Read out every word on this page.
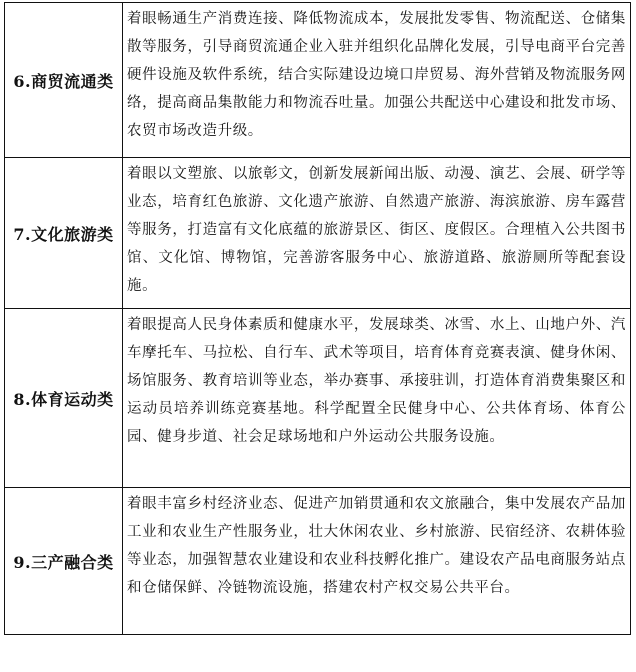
6.商贸流通类	着眼畅通生产消费连接、降低物流成本，发展批发零售、物流配送、仓储集散等服务，引导商贸流通企业入驻并组织化品牌化发展，引导电商平台完善硬件设施及软件系统，结合实际建设边境口岸贸易、海外营销及物流服务网络，提高商品集散能力和物流吞吐量。加强公共配送中心建设和批发市场、农贸市场改造升级。
7.文化旅游类	着眼以文塑旅、以旅彰文，创新发展新闻出版、动漫、演艺、会展、研学等业态，培育红色旅游、文化遗产旅游、自然遗产旅游、海滨旅游、房车露营等服务，打造富有文化底蕴的旅游景区、街区、度假区。合理植入公共图书馆、文化馆、博物馆，完善游客服务中心、旅游道路、旅游厕所等配套设施。
8.体育运动类	着眼提高人民身体素质和健康水平，发展球类、冰雪、水上、山地户外、汽车摩托车、马拉松、自行车、武术等项目，培育体育竞赛表演、健身休闲、场馆服务、教育培训等业态，举办赛事、承接驻训，打造体育消费集聚区和运动员培养训练竞赛基地。科学配置全民健身中心、公共体育场、体育公园、健身步道、社会足球场地和户外运动公共服务设施。
9.三产融合类	着眼丰富乡村经济业态、促进产加销贯通和农文旅融合，集中发展农产品加工业和农业生产性服务业，壮大休闲农业、乡村旅游、民宿经济、农耕体验等业态，加强智慧农业建设和农业科技孵化推广。建设农产品电商服务站点和仓储保鲜、冷链物流设施，搭建农村产权交易公共平台。
